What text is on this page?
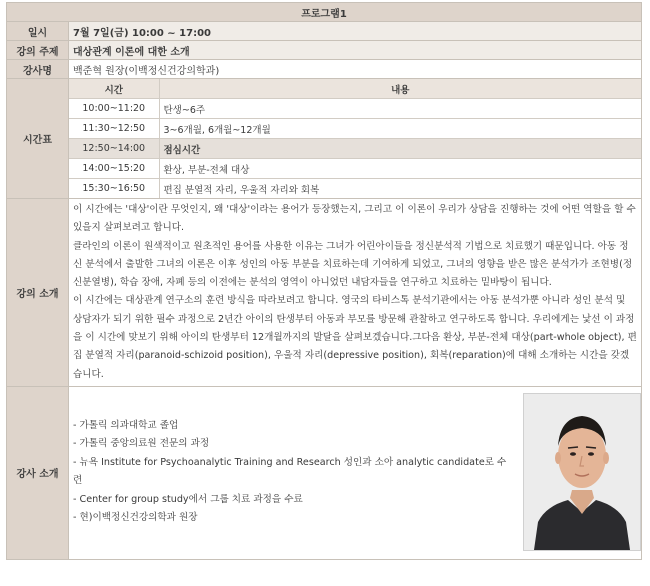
프로그램1
일시	7월 7일(금) 10:00 ~ 17:00
강의 주제	대상관계 이론에 대한 소개
강사명	백준혁 원장(이백정신건강의학과)
시간표	
시간	내용
10:00~11:20	탄생~6주
11:30~12:50	3~6개월, 6개월~12개월
12:50~14:00	점심시간
14:00~15:20	환상, 부분-전체 대상
15:30~16:50	편집 분열적 자리, 우울적 자리와 회복

강의 소개	

이 시간에는 '대상'이란 무엇인지, 왜 '대상'이라는 용어가 등장했는지, 그리고 이 이론이 우리가 상담을 진행하는 것에 어떤 역할을 할 수 있을지 살펴보려고 합니다.

클라인의 이론이 원색적이고 원초적인 용어를 사용한 이유는 그녀가 어린아이들을 정신분석적 기법으로 치료했기 때문입니다. 아동 정신 분석에서 출발한 그녀의 이론은 이후 성인의 아동 부분을 치료하는데 기여하게 되었고, 그녀의 영향을 받은 많은 분석가가 조현병(정신분열병), 학습 장애, 자폐 등의 이전에는 분석의 영역이 아니었던 내담자들을 연구하고 치료하는 밑바탕이 됩니다.

이 시간에는 대상관계 연구소의 훈련 방식을 따라보려고 합니다. 영국의 타비스톡 분석기관에서는 아동 분석가뿐 아니라 성인 분석 및 상담자가 되기 위한 필수 과정으로 2년간 아이의 탄생부터 아동과 부모를 방문해 관찰하고 연구하도록 합니다. 우리에게는 낯선 이 과정을 이 시간에 맞보기 위해 아이의 탄생부터 12개월까지의 발달을 살펴보겠습니다.그다음 환상, 부분-전체 대상(part-whole object), 편집 분열적 자리(paranoid-schizoid position), 우울적 자리(depressive position), 회복(reparation)에 대해 소개하는 시간을 갖겠습니다.

강사 소개	
- 가톨릭 의과대학교 졸업
- 가톨릭 중앙의료원 전문의 과정
- 뉴욕 Institute for Psychoanalytic Training and Research 성인과 소아 analytic candidate로 수련
- Center for group study에서 그룹 치료 과정을 수료
- 현)이백정신건강의학과 원장
